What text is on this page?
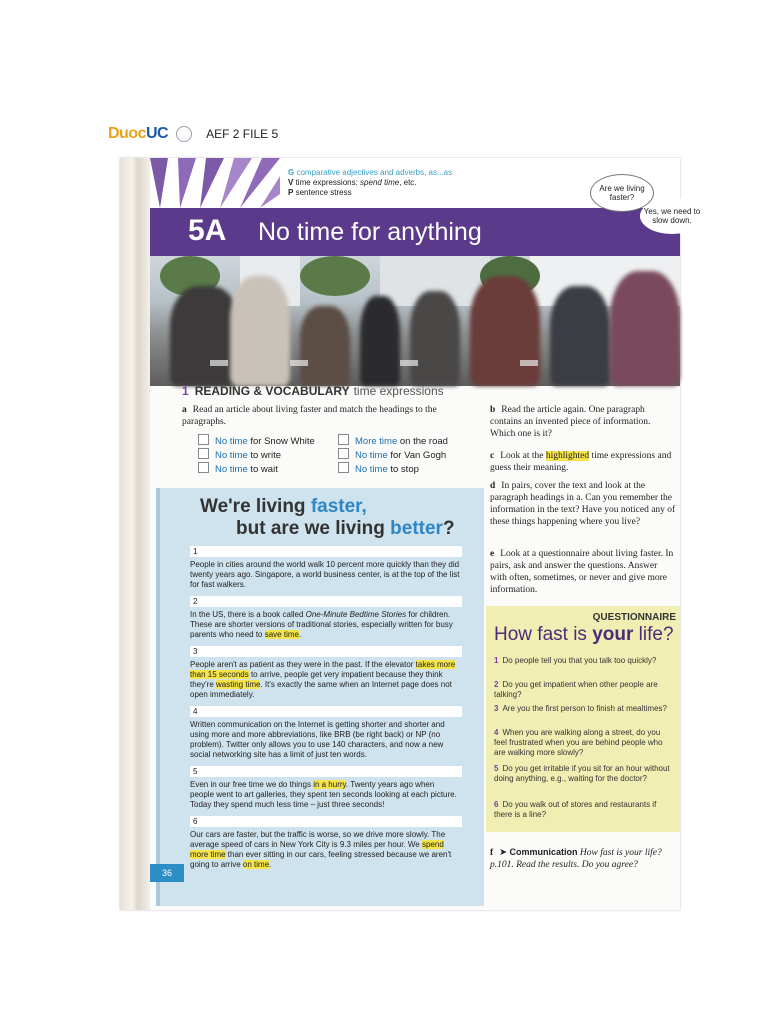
DuocUC	AEF 2 FILE 5
G comparative adjectives and adverbs, as...as
V time expressions: spend time, etc.
P sentence stress
5A No time for anything
Are we living faster?
Yes, we need to slow down.
1 READING & VOCABULARY time expressions
a Read an article about living faster and match the headings to the paragraphs.
No time for Snow White	More time on the road
No time to write	No time for Van Gogh
No time to wait	No time to stop
b Read the article again. One paragraph contains an invented piece of information. Which one is it?
c Look at the highlighted time expressions and guess their meaning.
d In pairs, cover the text and look at the paragraph headings in a. Can you remember the information in the text? Have you noticed any of these things happening where you live?
e Look at a questionnaire about living faster. In pairs, ask and answer the questions. Answer with often, sometimes, or never and give more information.
We're living faster,
but are we living better?
1
People in cities around the world walk 10 percent more quickly than they did twenty years ago. Singapore, a world business center, is at the top of the list for fast walkers.
2
In the US, there is a book called One-Minute Bedtime Stories for children. These are shorter versions of traditional stories, especially written for busy parents who need to save time.
3
People aren't as patient as they were in the past. If the elevator takes more than 15 seconds to arrive, people get very impatient because they think they're wasting time. It's exactly the same when an Internet page does not open immediately.
4
Written communication on the Internet is getting shorter and shorter and using more and more abbreviations, like BRB (be right back) or NP (no problem). Twitter only allows you to use 140 characters, and now a new social networking site has a limit of just ten words.
5
Even in our free time we do things in a hurry. Twenty years ago when people went to art galleries, they spent ten seconds looking at each picture. Today they spend much less time – just three seconds!
6
Our cars are faster, but the traffic is worse, so we drive more slowly. The average speed of cars in New York City is 9.3 miles per hour. We spend more time than ever sitting in our cars, feeling stressed because we aren't going to arrive on time.
36
QUESTIONNAIRE
How fast is your life?
1 Do people tell you that you talk too quickly?
2 Do you get impatient when other people are talking?
3 Are you the first person to finish at mealtimes?
4 When you are walking along a street, do you feel frustrated when you are behind people who are walking more slowly?
5 Do you get irritable if you sit for an hour without doing anything, e.g., waiting for the doctor?
6 Do you walk out of stores and restaurants if there is a line?
f ➤ Communication How fast is your life? p.101. Read the results. Do you agree?
